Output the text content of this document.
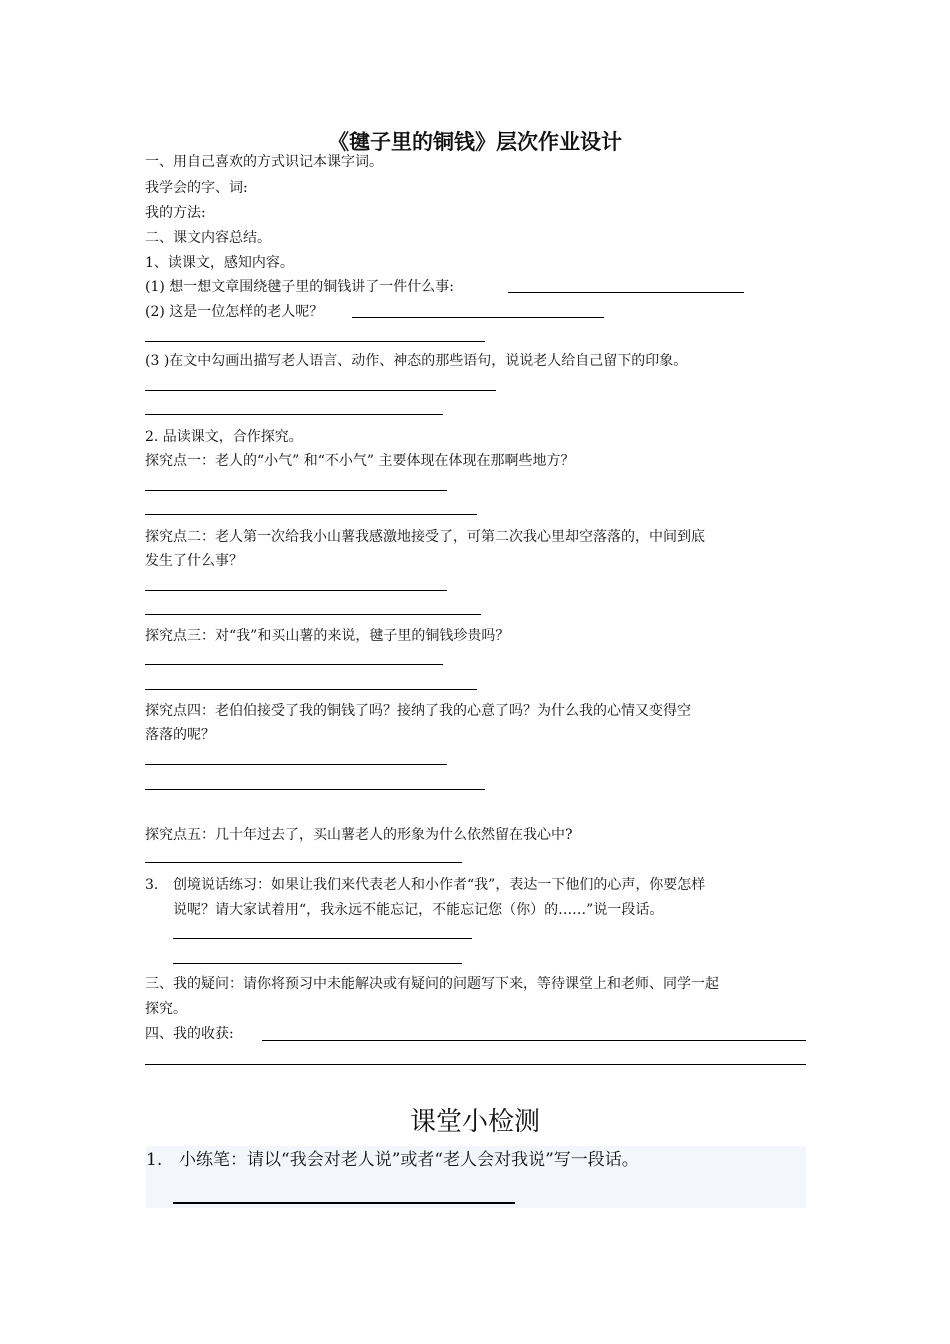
《毽子里的铜钱》层次作业设计
一、用自己喜欢的方式识记本课字词。
我学会的字、词:
我的方法:
二、课文内容总结。
1、读课文，感知内容。
(1) 想一想文章围绕毽子里的铜钱讲了一件什么事:
(2) 这是一位怎样的老人呢？
(3 )在文中勾画出描写老人语言、动作、神态的那些语句，说说老人给自己留下的印象。
2. 品读课文，合作探究。
探究点一：老人的“小气” 和“不小气” 主要体现在体现在那啊些地方？
探究点二：老人第一次给我小山薯我感激地接受了，可第二次我心里却空落落的，中间到底
发生了什么事？
探究点三：对“我”和买山薯的来说，毽子里的铜钱珍贵吗？
探究点四：老伯伯接受了我的铜钱了吗？接纳了我的心意了吗？为什么我的心情又变得空
落落的呢？
探究点五：几十年过去了，买山薯老人的形象为什么依然留在我心中?
3. 创境说话练习：如果让我们来代表老人和小作者“我”，表达一下他们的心声，你要怎样
说呢？请大家试着用“，我永远不能忘记，不能忘记您（你）的……”说一段话。
三、我的疑问：请你将预习中未能解决或有疑问的问题写下来，等待课堂上和老师、同学一起
探究。
四、我的收获:
课堂小检测
1. 小练笔：请以“我会对老人说”或者“老人会对我说”写一段话。
